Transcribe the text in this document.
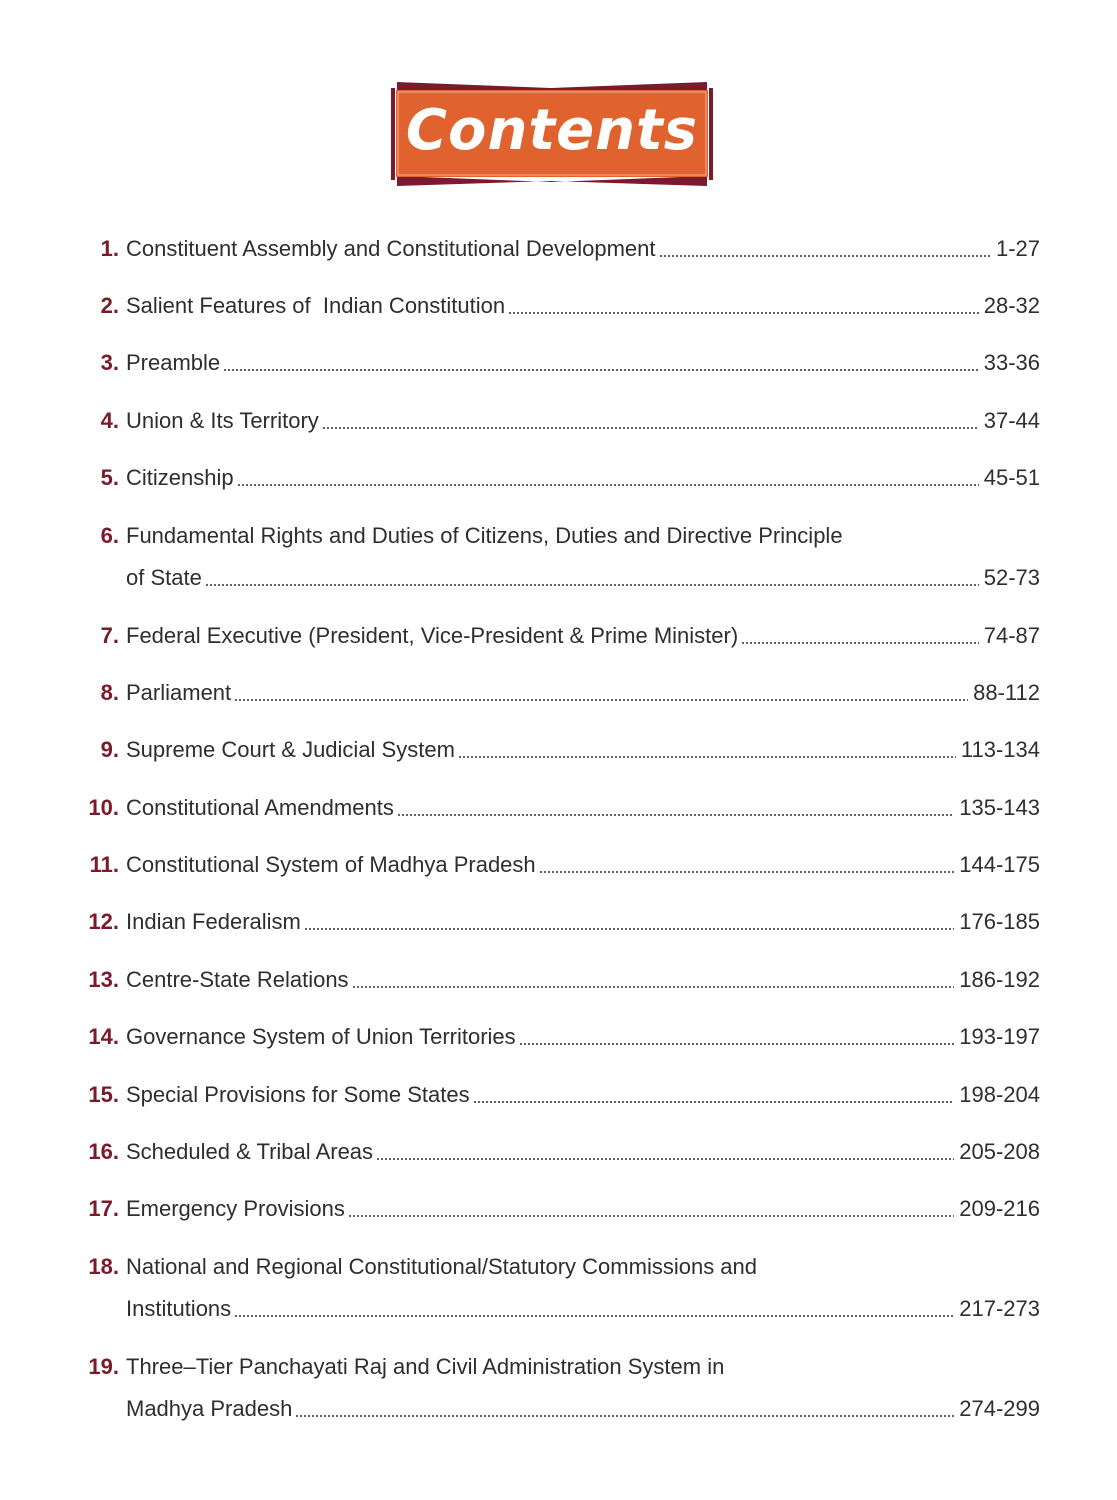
Contents
1. Constituent Assembly and Constitutional Development	1-27
2. Salient Features of  Indian Constitution	28-32
3. Preamble	33-36
4. Union & Its Territory	37-44
5. Citizenship	45-51
6. Fundamental Rights and Duties of Citizens, Duties and Directive Principle
of State	52-73
7. Federal Executive (President, Vice-President & Prime Minister)	74-87
8. Parliament	88-112
9. Supreme Court & Judicial System	113-134
10. Constitutional Amendments	135-143
11. Constitutional System of Madhya Pradesh	144-175
12. Indian Federalism	176-185
13. Centre-State Relations	186-192
14. Governance System of Union Territories	193-197
15. Special Provisions for Some States	198-204
16. Scheduled & Tribal Areas	205-208
17. Emergency Provisions	209-216
18. National and Regional Constitutional/Statutory Commissions and
Institutions	217-273
19. Three–Tier Panchayati Raj and Civil Administration System in
Madhya Pradesh	274-299
